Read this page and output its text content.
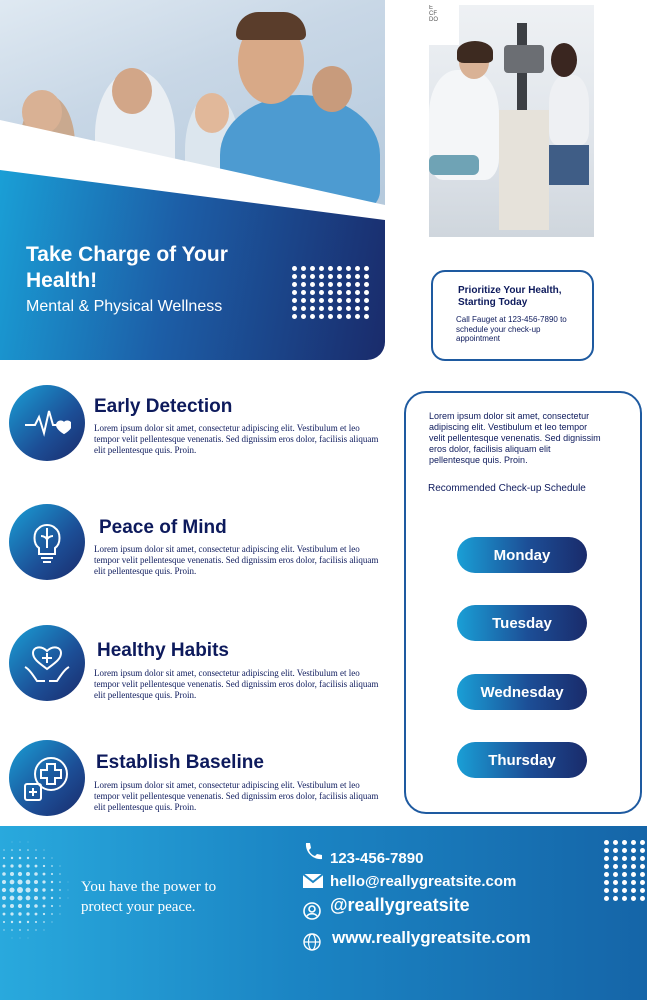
Take Charge of Your Health!
Mental & Physical Wellness
E
CF
DO
Prioritize Your Health, Starting Today
Call Fauget at 123-456-7890 to schedule your check-up appointment
Early Detection
Lorem ipsum dolor sit amet, consectetur adipiscing elit. Vestibulum et leo tempor velit pellentesque venenatis. Sed dignissim eros dolor, facilisis aliquam elit pellentesque quis. Proin.
Peace of Mind
Lorem ipsum dolor sit amet, consectetur adipiscing elit. Vestibulum et leo tempor velit pellentesque venenatis. Sed dignissim eros dolor, facilisis aliquam elit pellentesque quis. Proin.
Healthy Habits
Lorem ipsum dolor sit amet, consectetur adipiscing elit. Vestibulum et leo tempor velit pellentesque venenatis. Sed dignissim eros dolor, facilisis aliquam elit pellentesque quis. Proin.
Establish Baseline
Lorem ipsum dolor sit amet, consectetur adipiscing elit. Vestibulum et leo tempor velit pellentesque venenatis. Sed dignissim eros dolor, facilisis aliquam elit pellentesque quis. Proin.
Lorem ipsum dolor sit amet, consectetur adipiscing elit. Vestibulum et leo tempor velit pellentesque venenatis. Sed dignissim eros dolor, facilisis aliquam elit pellentesque quis. Proin.
Recommended Check-up Schedule
Monday
Tuesday
Wednesday
Thursday
You have the power to protect your peace.
123-456-7890
hello@reallygreatsite.com
@reallygreatsite
www.reallygreatsite.com
